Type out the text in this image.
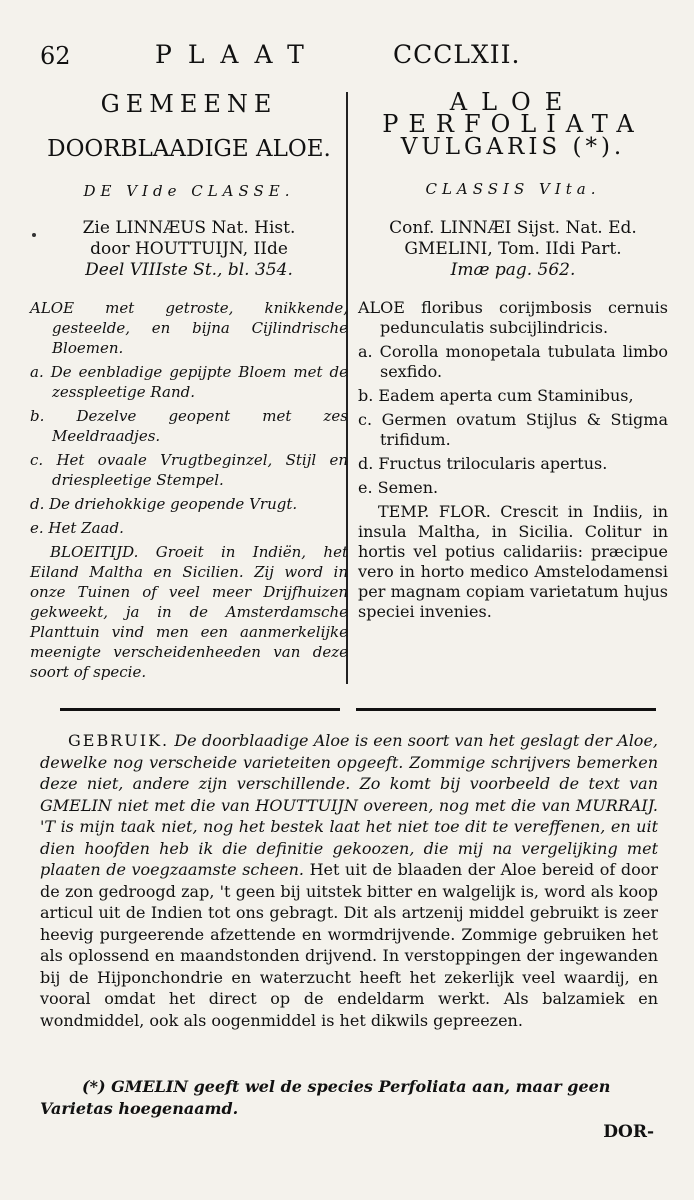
62	PLAAT	CCCLXII.
GEMEENE
DOORBLAADIGE ALOE.
DE VIde CLASSE.
Zie LINNÆUS Nat. Hist.
door HOUTTUIJN, IIde
Deel VIIIste St., bl. 354.

ALOE met getroste, knikkende, gesteelde, en bijna Cijlindrische Bloemen.

a. De eenbladige gepijpte Bloem met de zesspleetige Rand.

b. Dezelve geopent met zes Meeldraadjes.

c. Het ovaale Vrugtbeginzel, Stijl en driespleetige Stempel.

d. De driehokkige geopende Vrugt.

e. Het Zaad.

BLOEITIJD. Groeit in Indiën, het Eiland Maltha en Sicilien. Zij word in onze Tuinen of veel meer Drijfhuizen gekweekt, ja in de Amsterdamsche Planttuin vind men een aanmerkelijke meenigte verscheidenheeden van deze soort of specie.

ALOE
PERFOLIATA
VULGARIS (*).
CLASSIS VIta.
Conf. LINNÆI Sijst. Nat. Ed.
GMELINI, Tom. IIdi Part.
Imæ pag. 562.

ALOE floribus corijmbosis cernuis pedunculatis subcijlindricis.

a. Corolla monopetala tubulata limbo sexfido.

b. Eadem aperta cum Staminibus,

c. Germen ovatum Stijlus & Stigma trifidum.

d. Fructus trilocularis apertus.

e. Semen.

TEMP. FLOR. Crescit in Indiis, in insula Maltha, in Sicilia. Colitur in hortis vel potius calidariis: præcipue vero in horto medico Amstelodamensi per magnam copiam varietatum hujus speciei invenies.

GEBRUIK. De doorblaadige Aloe is een soort van het geslagt der Aloe, dewelke nog verscheide varieteiten opgeeft. Zommige schrijvers bemerken deze niet, andere zijn verschillende. Zo komt bij voorbeeld de text van GMELIN niet met die van HOUTTUIJN overeen, nog met die van MURRAIJ. 'T is mijn taak niet, nog het bestek laat het niet toe dit te vereffenen, en uit dien hoofden heb ik die definitie gekoozen, die mij na vergelijking met plaaten de voegzaamste scheen. Het uit de blaaden der Aloe bereid of door de zon gedroogd zap, 't geen bij uitstek bitter en walgelijk is, word als koop articul uit de Indien tot ons gebragt. Dit als artzenij middel gebruikt is zeer heevig purgeerende afzettende en wormdrijvende. Zommige gebruiken het als oplossend en maandstonden drijvend. In verstoppingen der ingewanden bij de Hijponchondrie en waterzucht heeft het zekerlijk veel waardij, en vooral omdat het direct op de endeldarm werkt. Als balzamiek en wondmiddel, ook als oogenmiddel is het dikwils gepreezen.
(*) GMELIN geeft wel de species Perfoliata aan, maar geen Varietas hoegenaamd.
DOR-
